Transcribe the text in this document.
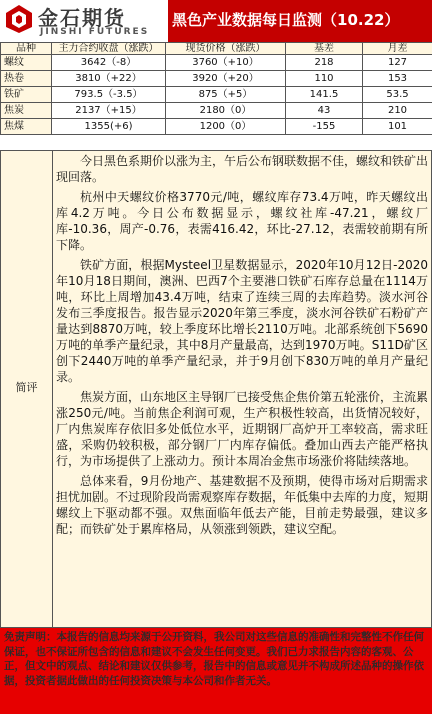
金石期货
JINSHI FUTURES
黑色产业数据每日监测（10.22）
品种	主力合约收盘（涨跌）	现货价格（涨跌）	基差	月差
螺纹	3642（-8）	3760（+10）	218	127
热卷	3810（+22）	3920（+20）	110	153
铁矿	793.5（-3.5）	875（+5）	141.5	53.5
焦炭	2137（+15）	2180（0）	43	210
焦煤	1355(+6)	1200（0）	-155	101
简评

今日黑色系期价以涨为主，午后公布钢联数据不佳，螺纹和铁矿出现回落。

杭州中天螺纹价格3770元/吨，螺纹库存73.4万吨，昨天螺纹出库4.2万吨。今日公布数据显示，螺纹社库-47.21，螺纹厂库-10.36，周产-0.76，表需416.42，环比-27.12，表需较前期有所下降。

铁矿方面，根据Mysteel卫星数据显示，2020年10月12日-2020年10月18日期间，澳洲、巴西7个主要港口铁矿石库存总量在1114万吨，环比上周增加43.4万吨，结束了连续三周的去库趋势。淡水河谷发布三季度报告。报告显示2020年第三季度，淡水河谷铁矿石粉矿产量达到8870万吨，较上季度环比增长2110万吨。北部系统创下5690万吨的单季产量纪录，其中8月产量最高，达到1970万吨。S11D矿区创下2440万吨的单季产量纪录，并于9月创下830万吨的单月产量纪录。

焦炭方面，山东地区主导钢厂已接受焦企焦价第五轮涨价，主流累涨250元/吨。当前焦企利润可观，生产积极性较高，出货情况较好，厂内焦炭库存依旧多处低位水平，近期钢厂高炉开工率较高，需求旺盛，采购仍较积极，部分钢厂厂内库存偏低。叠加山西去产能严格执行，为市场提供了上涨动力。预计本周冶金焦市场涨价将陆续落地。

总体来看，9月份地产、基建数据不及预期，使得市场对后期需求担忧加剧。不过现阶段尚需观察库存数据，年低集中去库的力度，短期螺纹上下驱动都不强。双焦面临年低去产能，目前走势最强，建议多配；而铁矿处于累库格局，从领涨到领跌，建议空配。

免责声明：本报告的信息均来源于公开资料，我公司对这些信息的准确性和完整性不作任何保证，也不保证所包含的信息和建议不会发生任何变更。我们已力求报告内容的客观、公正，但文中的观点、结论和建议仅供参考，报告中的信息或意见并不构成所述品种的操作依据，投资者据此做出的任何投资决策与本公司和作者无关。
